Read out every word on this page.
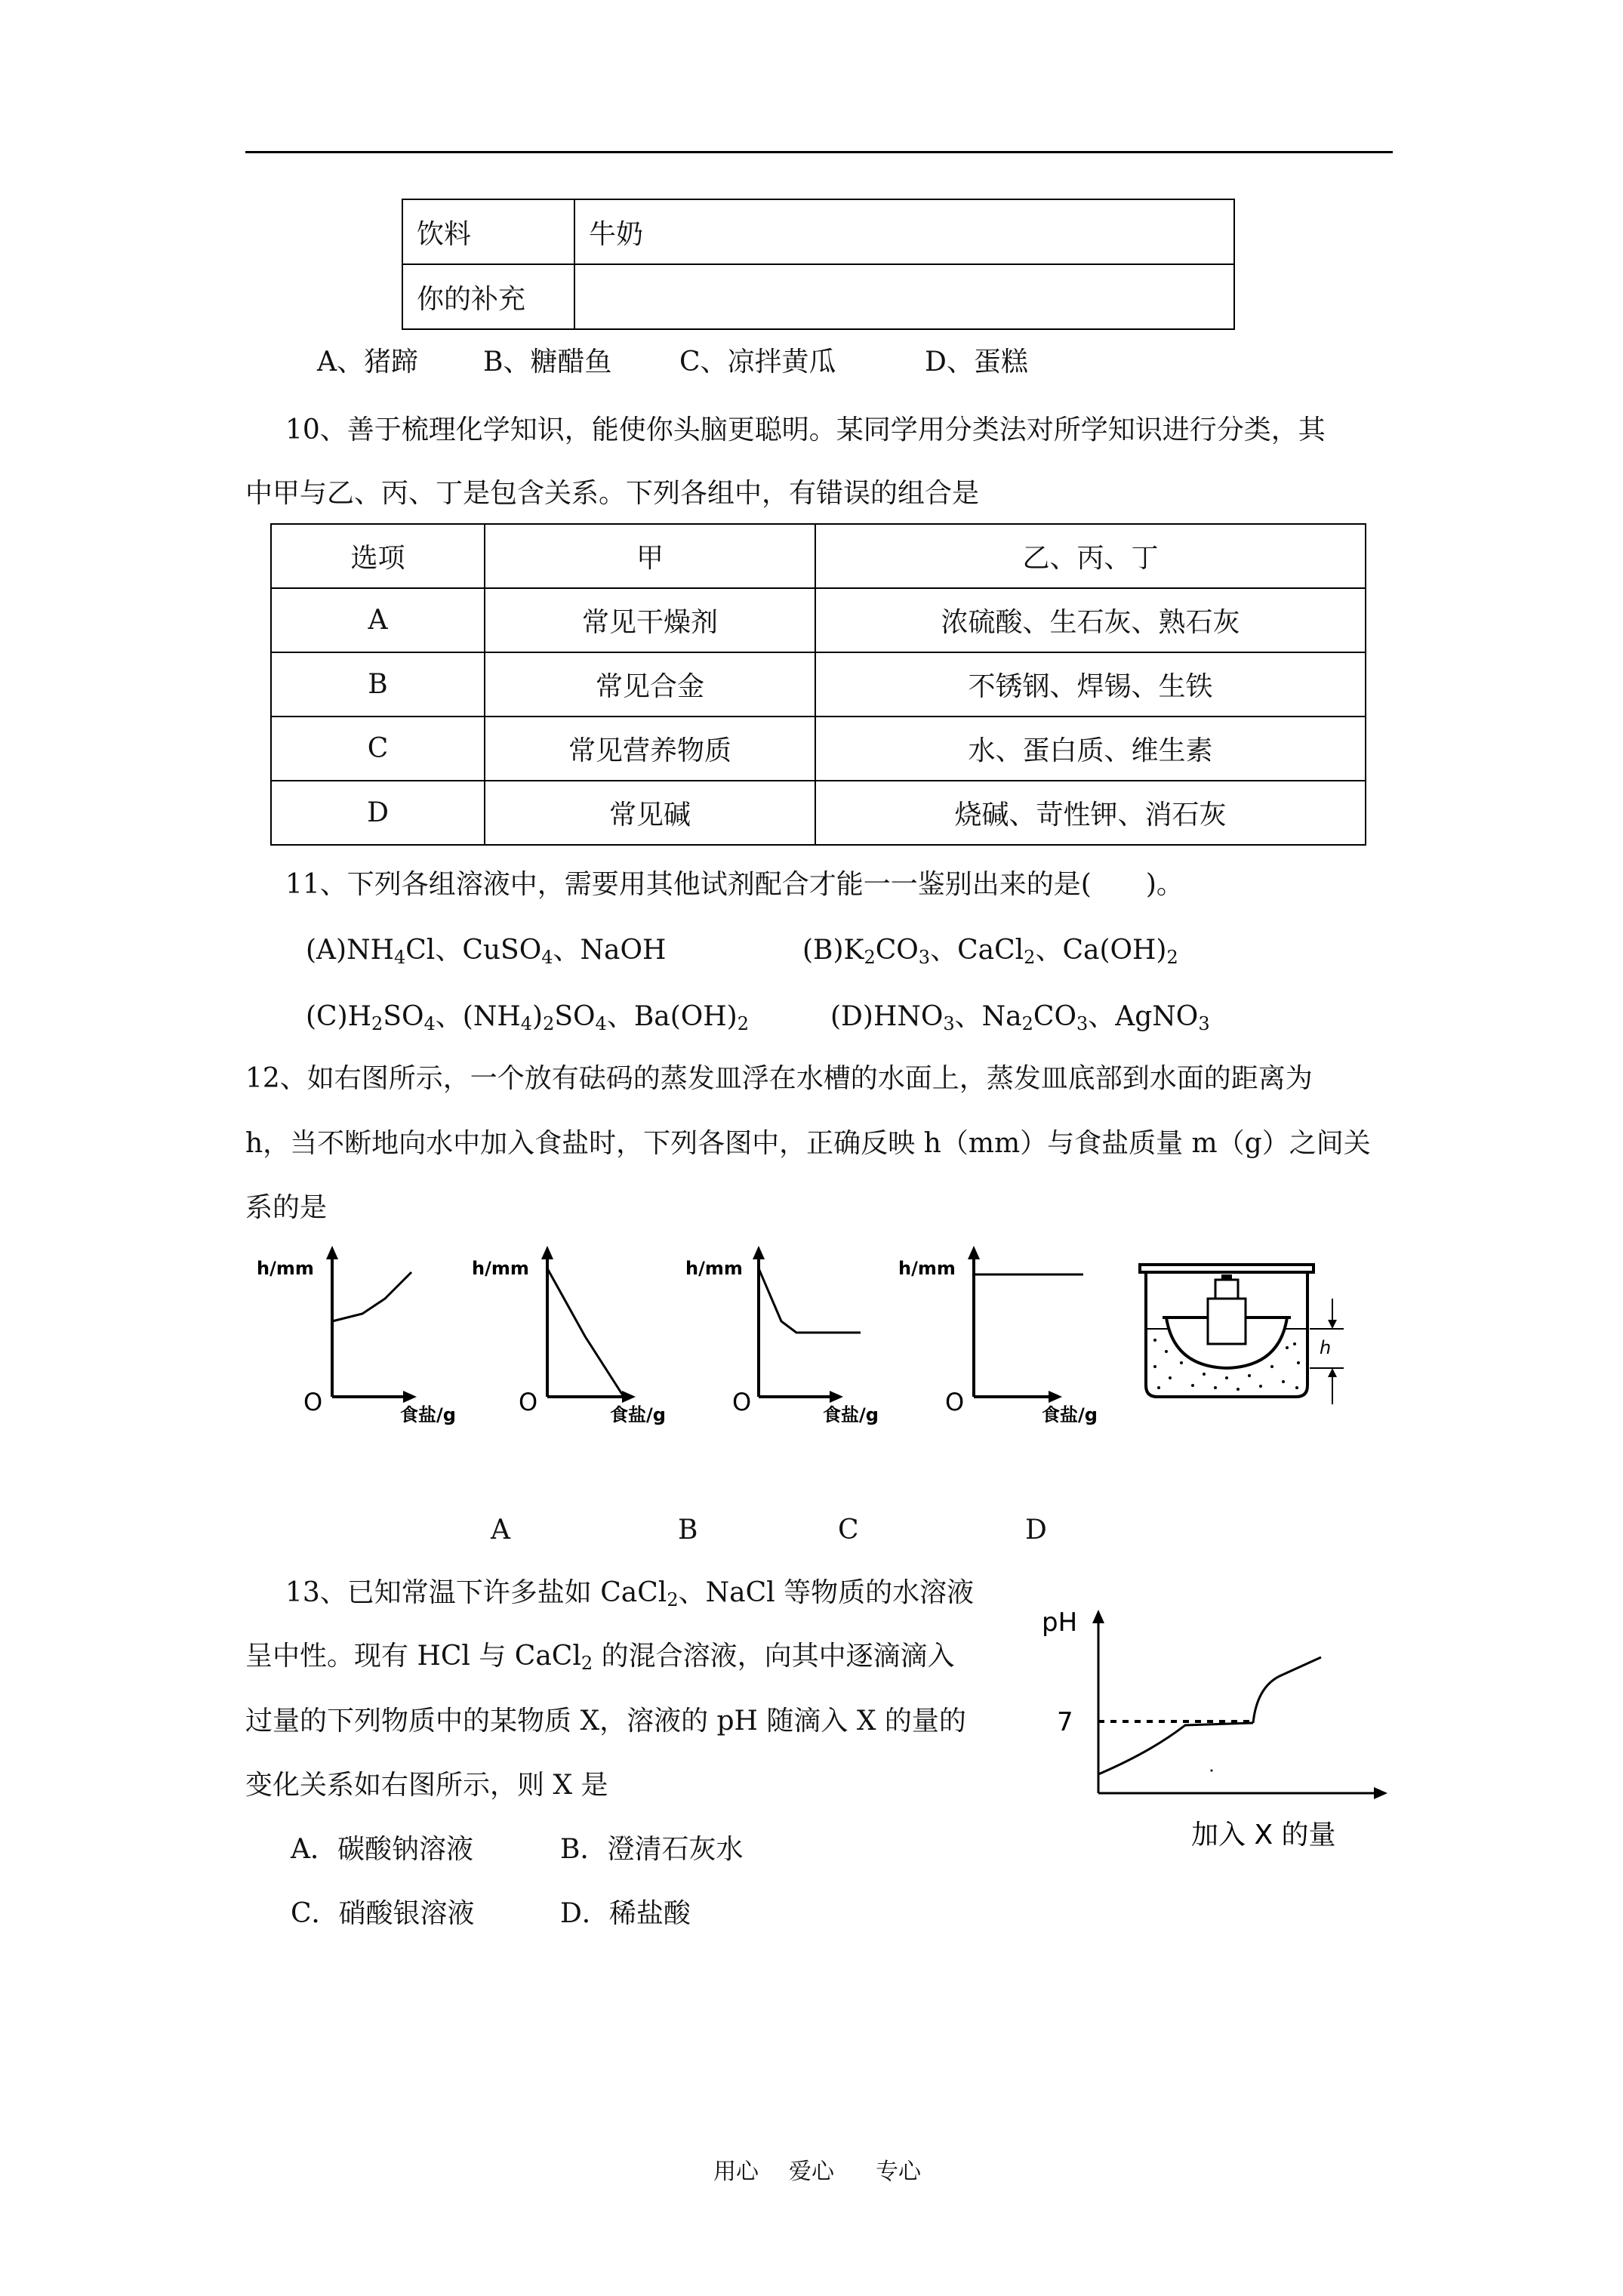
饮料	牛奶
你的补充	
A、猪蹄 B、糖醋鱼 C、凉拌黄瓜	D、蛋糕
10、善于梳理化学知识，能使你头脑更聪明。某同学用分类法对所学知识进行分类，其
中甲与乙、丙、丁是包含关系。下列各组中，有错误的组合是
选项	甲	乙、丙、丁
A	常见干燥剂	浓硫酸、生石灰、熟石灰
B	常见合金	不锈钢、焊锡、生铁
C	常见营养物质	水、蛋白质、维生素
D	常见碱	烧碱、苛性钾、消石灰
11、下列各组溶液中，需要用其他试剂配合才能一一鉴别出来的是(　　)。
$(A)NH_4Cl$、CuSO$_4$、NaOH	$(B)K_2CO_3$、CaCl$_2$、$Ca(OH)_2$
$(C)H_2SO_4$、$(NH_4)_2SO_4$、$Ba(OH)_2$	$(D)HNO_3$、$Na_2CO_3$、AgNO$_3$
12、如右图所示，一个放有砝码的蒸发皿浮在水槽的水面上，蒸发皿底部到水面的距离为
h，当不断地向水中加入食盐时，下列各图中，正确反映 h（mm）与食盐质量 m（g）之间关
系的是
h/mm
O	食盐/g
h/mm
O	食盐/g
h/mm
O	食盐/g
h/mm
O	食盐/g
h
A	B	C	D
13、已知常温下许多盐如 CaCl$_2$、NaCl 等物质的水溶液
呈中性。现有 HCl 与 CaCl$_2$ 的混合溶液，向其中逐滴滴入
过量的下列物质中的某物质 X，溶液的 pH 随滴入 X 的量的
变化关系如右图所示，则 X 是
A．碳酸钠溶液	B．澄清石灰水
C．硝酸银溶液	D．稀盐酸
pH
7
加入 X 的量
用心 爱心 专心
